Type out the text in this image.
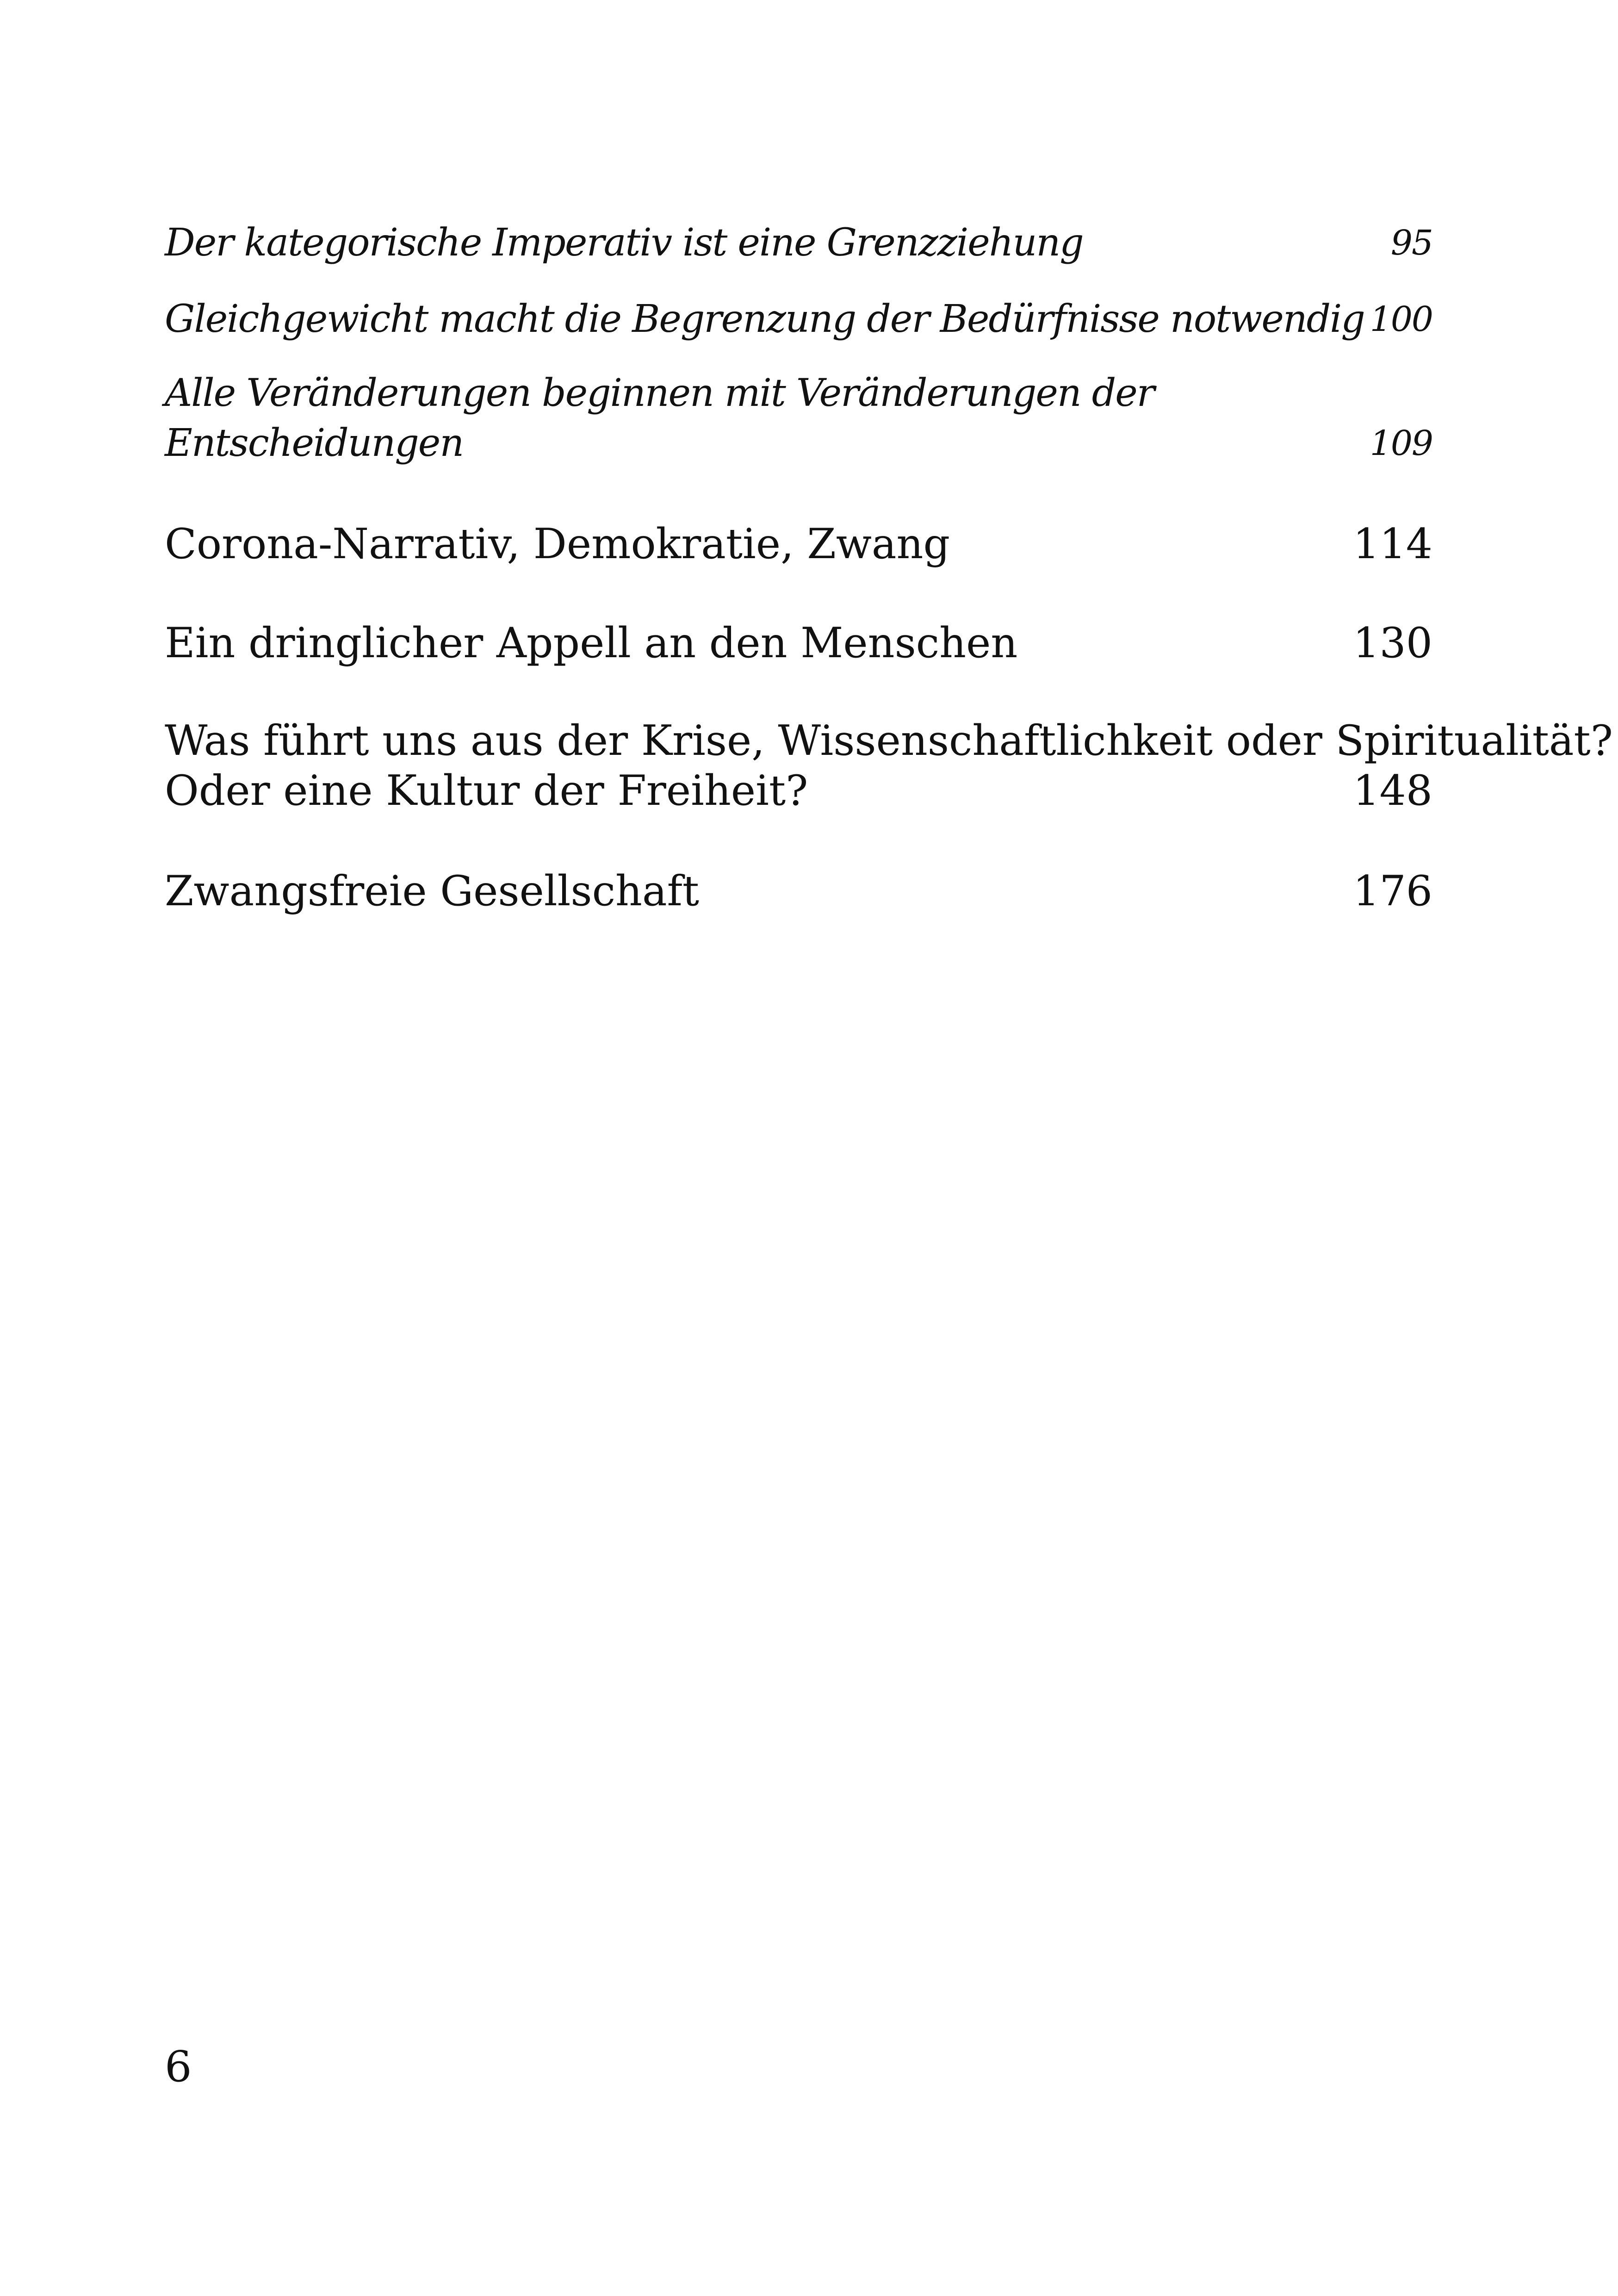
Der kategorische Imperativ ist eine Grenzziehung	95
Gleichgewicht macht die Begrenzung der Bedürfnisse notwendig 100
Alle Veränderungen beginnen mit Veränderungen der
Entscheidungen	109
Corona-Narrativ, Demokratie, Zwang	114
Ein dringlicher Appell an den Menschen	130
Was führt uns aus der Krise, Wissenschaftlichkeit oder Spiritualität?
Oder eine Kultur der Freiheit?	148
Zwangsfreie Gesellschaft	176
6
